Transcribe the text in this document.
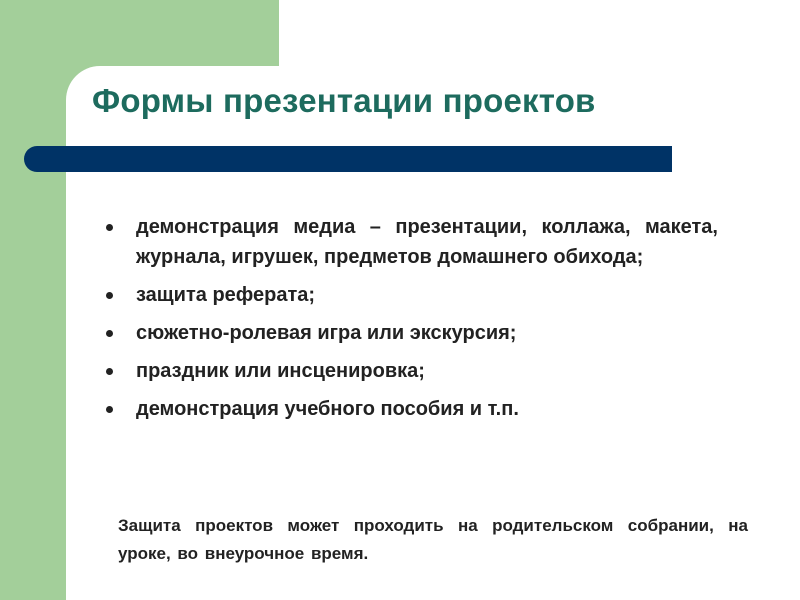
Формы презентации проектов
демонстрация медиа – презентации, коллажа, макета, журнала, игрушек, предметов домашнего обихода;
защита реферата;
сюжетно-ролевая игра или экскурсия;
праздник или инсценировка;
демонстрация учебного пособия и т.п.

Защита проектов может проходить на родительском собрании, на уроке, во внеурочное время.
